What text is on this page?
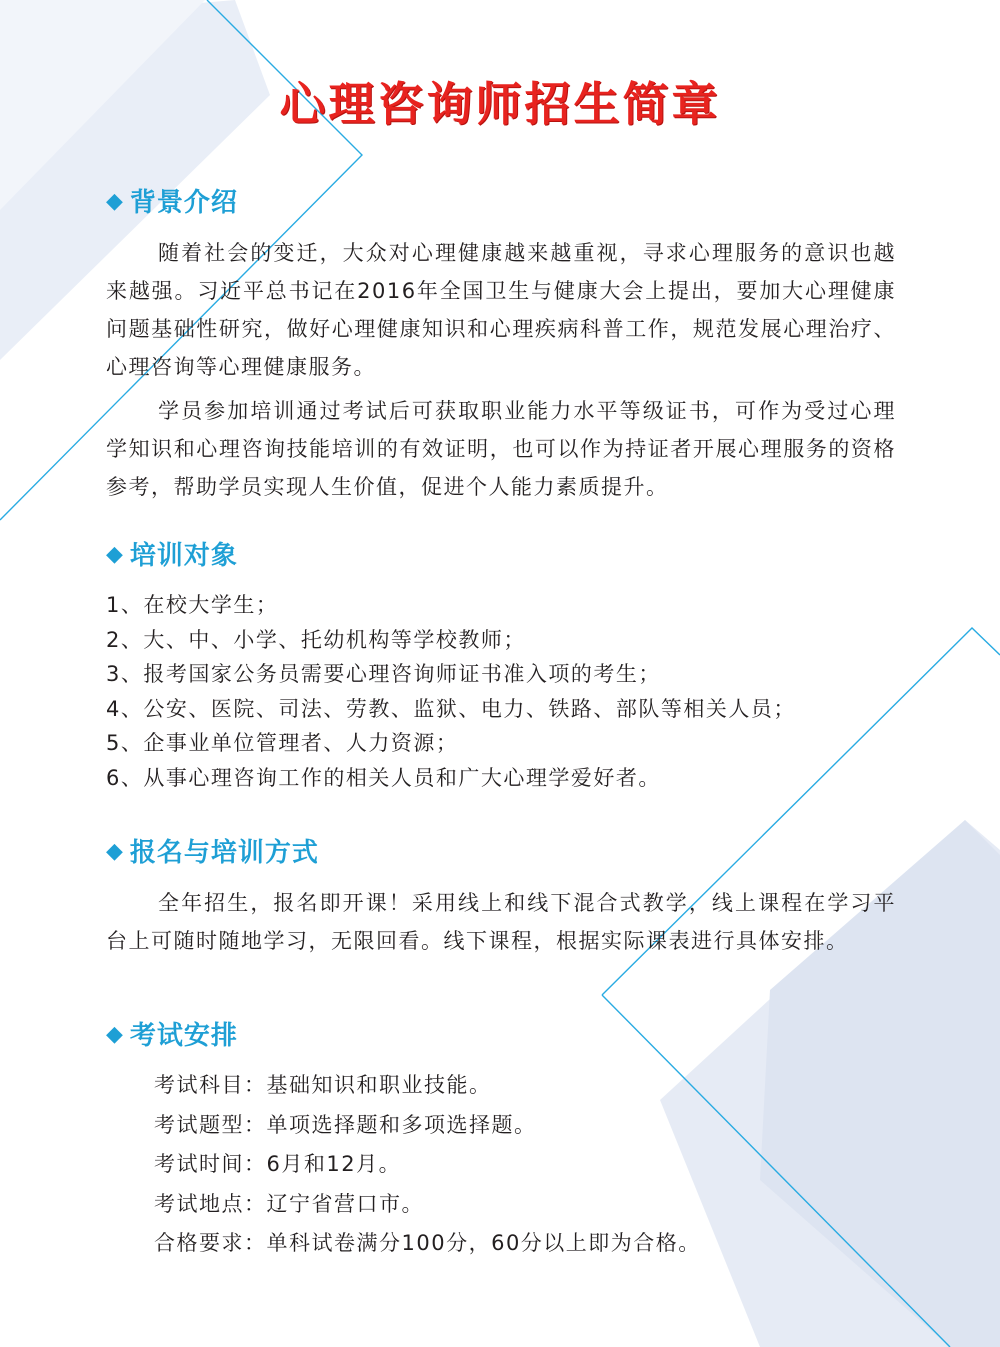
心理咨询师招生简章
◆ 背景介绍

随着社会的变迁，大众对心理健康越来越重视，寻求心理服务的意识也越来越强。习近平总书记在2016年全国卫生与健康大会上提出，要加大心理健康问题基础性研究，做好心理健康知识和心理疾病科普工作，规范发展心理治疗、心理咨询等心理健康服务。

学员参加培训通过考试后可获取职业能力水平等级证书，可作为受过心理学知识和心理咨询技能培训的有效证明，也可以作为持证者开展心理服务的资格参考，帮助学员实现人生价值，促进个人能力素质提升。

◆ 培训对象
1、在校大学生；
2、大、中、小学、托幼机构等学校教师；
3、报考国家公务员需要心理咨询师证书准入项的考生；
4、公安、医院、司法、劳教、监狱、电力、铁路、部队等相关人员；
5、企事业单位管理者、人力资源；
6、从事心理咨询工作的相关人员和广大心理学爱好者。
◆ 报名与培训方式

全年招生，报名即开课！采用线上和线下混合式教学，线上课程在学习平台上可随时随地学习，无限回看。线下课程，根据实际课表进行具体安排。

◆ 考试安排
考试科目：基础知识和职业技能。
考试题型：单项选择题和多项选择题。
考试时间：6月和12月。
考试地点：辽宁省营口市。
合格要求：单科试卷满分100分，60分以上即为合格。
